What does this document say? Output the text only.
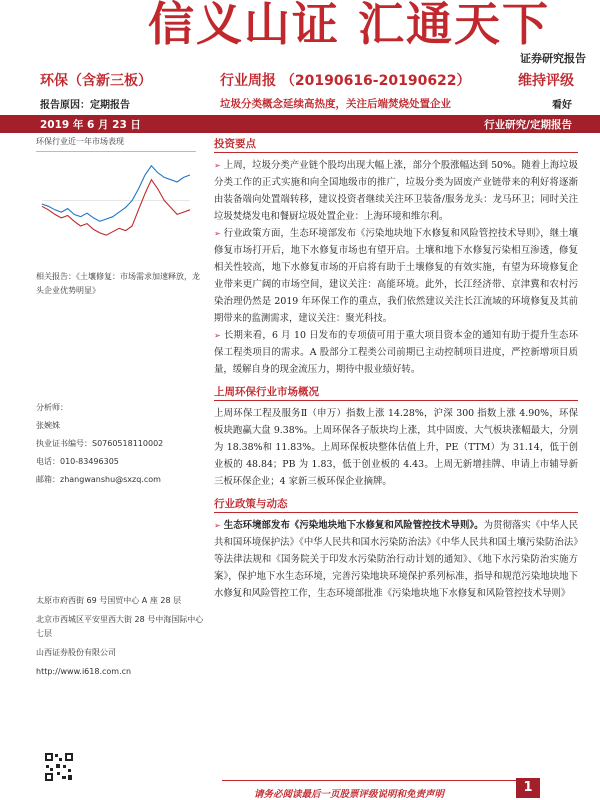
信义山证 汇通天下
证券研究报告
环保（含新三板）	行业周报 （20190616-20190622）	维持评级
报告原因：定期报告	垃圾分类概念延续高热度，关注后端焚烧处置企业	看好
2019 年 6 月 23 日	行业研究/定期报告
环保行业近一年市场表现
相关报告：《土壤修复：市场需求加速释放，龙头企业优势明显》

分析师：

张婉姝

执业证书编号：S0760518110002

电话：010-83496305

邮箱：zhangwanshu@sxzq.com

太原市府西街 69 号国贸中心 A 座 28 层

北京市西城区平安里西大街 28 号中海国际中心七层

山西证券股份有限公司

http://www.i618.com.cn

投资要点
➢ 上周，垃圾分类产业链个股均出现大幅上涨，部分个股涨幅达到 50%。随着上海垃圾分类工作的正式实施和向全国地级市的推广，垃圾分类为固废产业链带来的利好将逐渐由装备端向处置端转移，建议投资者继续关注环卫装备/服务龙头：龙马环卫；同时关注垃圾焚烧发电和餐厨垃圾处置企业：上海环境和维尔利。
➢ 行业政策方面，生态环境部发布《污染地块地下水修复和风险管控技术导则》，继土壤修复市场打开后，地下水修复市场也有望开启。土壤和地下水修复污染相互渗透，修复相关性较高，地下水修复市场的开启将有助于土壤修复的有效实施，有望为环境修复企业带来更广阔的市场空间，建议关注：高能环境。此外，长江经济带、京津冀和农村污染治理仍然是 2019 年环保工作的重点，我们依然建议关注长江流域的环境修复及其前期带来的监测需求，建议关注：聚光科技。
➢ 长期来看，6 月 10 日发布的专项债可用于重大项目资本金的通知有助于提升生态环保工程类项目的需求。A 股部分工程类公司前期已主动控制项目进度，严控新增项目质量，缓解自身的现金流压力，期待中报业绩好转。
上周环保行业市场概况
上周环保工程及服务Ⅱ（申万）指数上涨 14.28%，沪深 300 指数上涨 4.90%，环保板块跑赢大盘 9.38%。上周环保各子版块均上涨，其中固废、大气板块涨幅最大，分别为 18.38%和 11.83%。上周环保板块整体估值上升，PE（TTM）为 31.14，低于创业板的 48.84；PB 为 1.83，低于创业板的 4.43。上周无新增挂牌、申请上市辅导新三板环保企业；4 家新三板环保企业摘牌。
行业政策与动态
➢ 生态环境部发布《污染地块地下水修复和风险管控技术导则》。为贯彻落实《中华人民共和国环境保护法》《中华人民共和国水污染防治法》《中华人民共和国土壤污染防治法》等法律法规和《国务院关于印发水污染防治行动计划的通知》、《地下水污染防治实施方案》，保护地下水生态环境，完善污染地块环境保护系列标准，指导和规范污染地块地下水修复和风险管控工作，生态环境部批准《污染地块地下水修复和风险管控技术导则》
请务必阅读最后一页股票评级说明和免责声明	1
